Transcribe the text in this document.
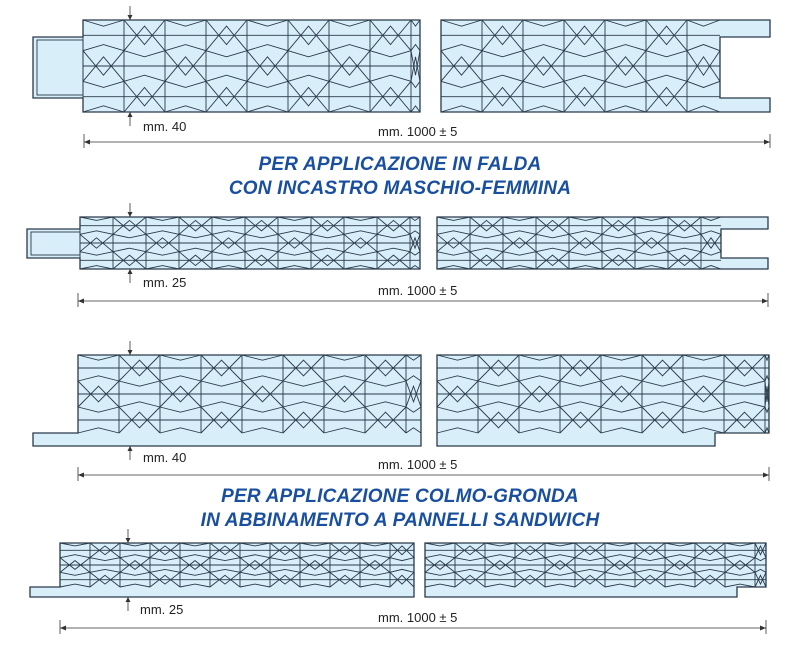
mm. 40	mm. 1000 ± 5
mm. 25
mm. 1000 ± 5
mm. 40	mm. 1000 ± 5
mm. 25
mm. 1000 ± 5
PER APPLICAZIONE IN FALDA
CON INCASTRO MASCHIO-FEMMINA
PER APPLICAZIONE COLMO-GRONDA
IN ABBINAMENTO A PANNELLI SANDWICH
